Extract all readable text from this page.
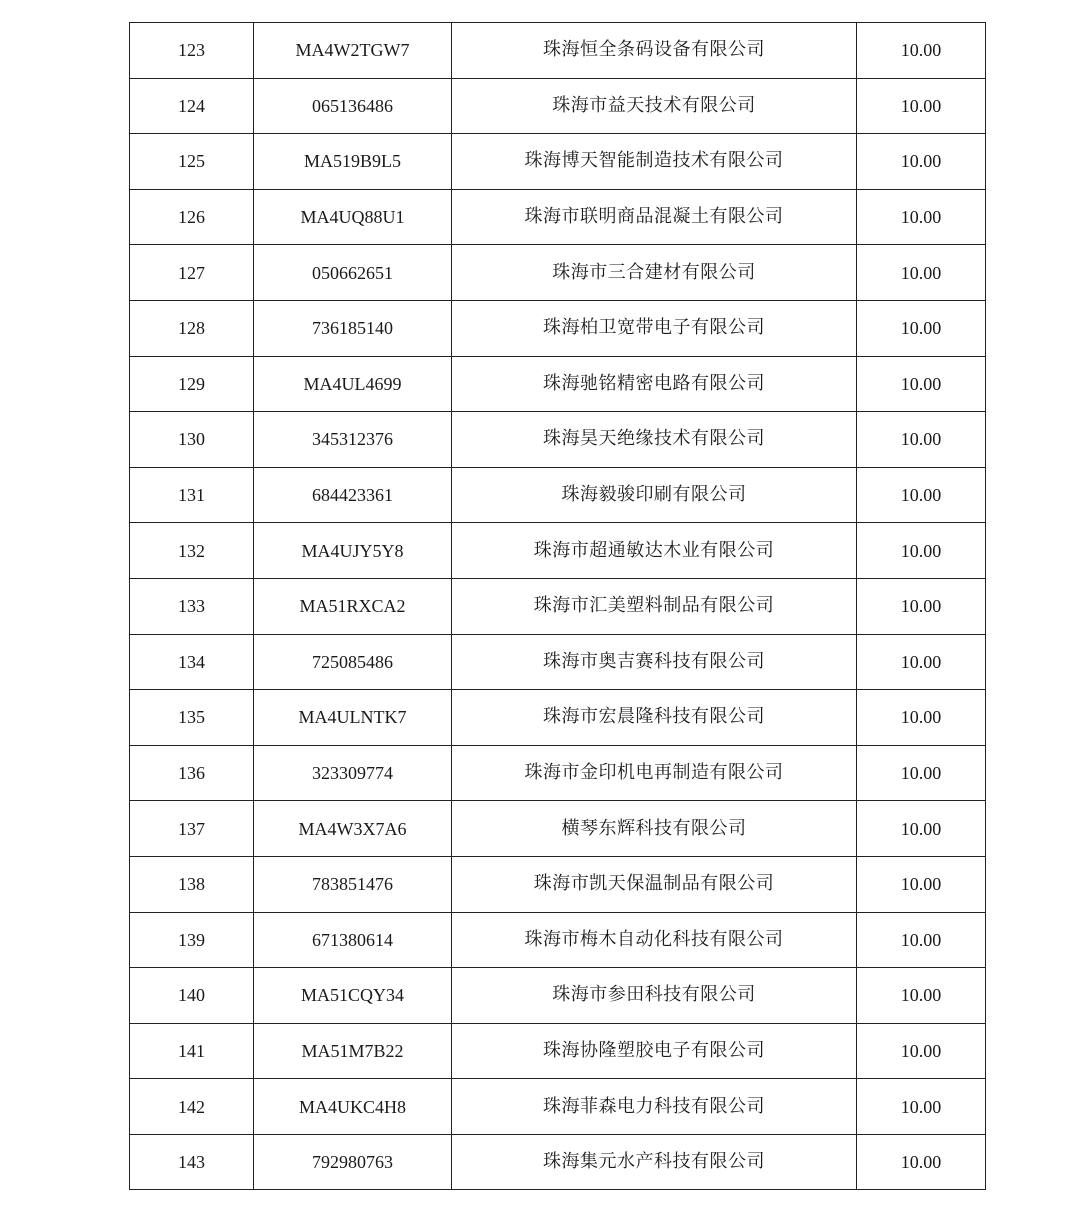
123	MA4W2TGW7	珠海恒全条码设备有限公司	10.00
124	065136486	珠海市益天技术有限公司	10.00
125	MA519B9L5	珠海博天智能制造技术有限公司	10.00
126	MA4UQ88U1	珠海市联明商品混凝土有限公司	10.00
127	050662651	珠海市三合建材有限公司	10.00
128	736185140	珠海柏卫宽带电子有限公司	10.00
129	MA4UL4699	珠海驰铭精密电路有限公司	10.00
130	345312376	珠海昊天绝缘技术有限公司	10.00
131	684423361	珠海毅骏印刷有限公司	10.00
132	MA4UJY5Y8	珠海市超通敏达木业有限公司	10.00
133	MA51RXCA2	珠海市汇美塑料制品有限公司	10.00
134	725085486	珠海市奥吉赛科技有限公司	10.00
135	MA4ULNTK7	珠海市宏晨隆科技有限公司	10.00
136	323309774	珠海市金印机电再制造有限公司	10.00
137	MA4W3X7A6	横琴东辉科技有限公司	10.00
138	783851476	珠海市凯天保温制品有限公司	10.00
139	671380614	珠海市梅木自动化科技有限公司	10.00
140	MA51CQY34	珠海市参田科技有限公司	10.00
141	MA51M7B22	珠海协隆塑胶电子有限公司	10.00
142	MA4UKC4H8	珠海菲森电力科技有限公司	10.00
143	792980763	珠海集元水产科技有限公司	10.00
